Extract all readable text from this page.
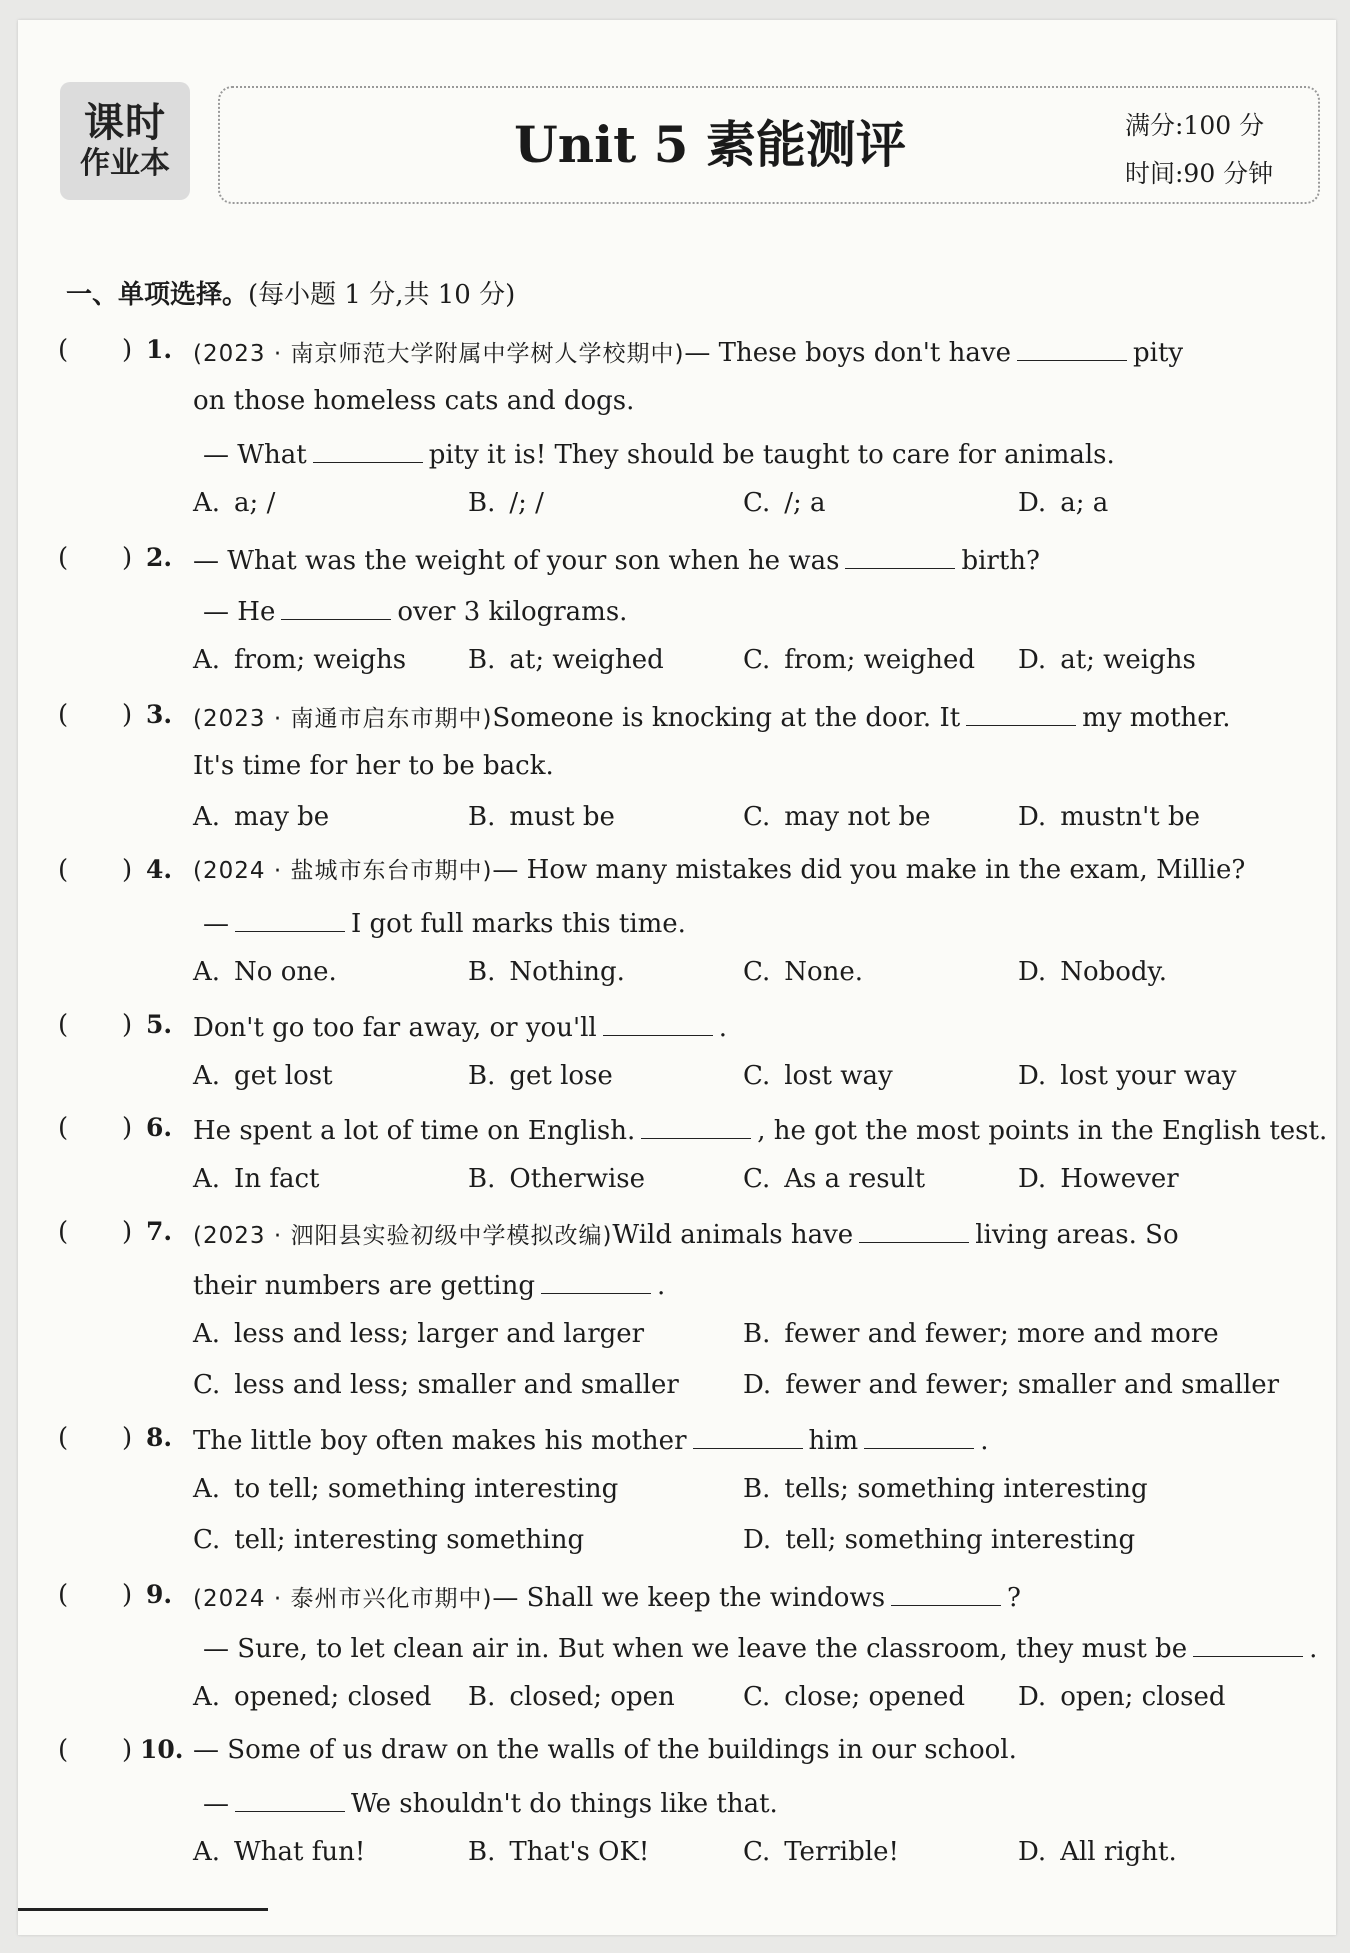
课时
作业本	Unit 5 素能测评	满分:100 分
时间:90 分钟
一、单项选择。(每小题 1 分,共 10 分)
( ) 1. (2023 · 南京师范大学附属中学树人学校期中)— These boys don't have	pity
on those homeless cats and dogs.
— What	pity it is! They should be taught to care for animals.
A. a; /	B. /; /	C. /; a	D. a; a
( ) 2. — What was the weight of your son when he was	birth?
— He	over 3 kilograms.
A. from; weighs B. at; weighed	C. from; weighed D. at; weighs
( ) 3. (2023 · 南通市启东市期中)Someone is knocking at the door. It	my mother.
It's time for her to be back.
A. may be	B. must be	C. may not be	D. mustn't be
( ) 4. (2024 · 盐城市东台市期中)— How many mistakes did you make in the exam, Millie?
—	I got full marks this time.
A. No one.	B. Nothing.	C. None.	D. Nobody.
( ) 5. Don't go too far away, or you'll	.
A. get lost	B. get lose	C. lost way	D. lost your way
( ) 6. He spent a lot of time on English.	, he got the most points in the English test.
A. In fact	B. Otherwise	C. As a result	D. However
( ) 7. (2023 · 泗阳县实验初级中学模拟改编)Wild animals have	living areas. So
their numbers are getting	.
A. less and less; larger and larger	B. fewer and fewer; more and more
C. less and less; smaller and smaller D. fewer and fewer; smaller and smaller
( ) 8. The little boy often makes his mother	him	.
A. to tell; something interesting	B. tells; something interesting
C. tell; interesting something	D. tell; something interesting
( ) 9. (2024 · 泰州市兴化市期中)— Shall we keep the windows	?
— Sure, to let clean air in. But when we leave the classroom, they must be	.
A. opened; closed B. closed; open	C. close; opened D. open; closed
( ) 10. — Some of us draw on the walls of the buildings in our school.
—	We shouldn't do things like that.
A. What fun!	B. That's OK!	C. Terrible!	D. All right.
